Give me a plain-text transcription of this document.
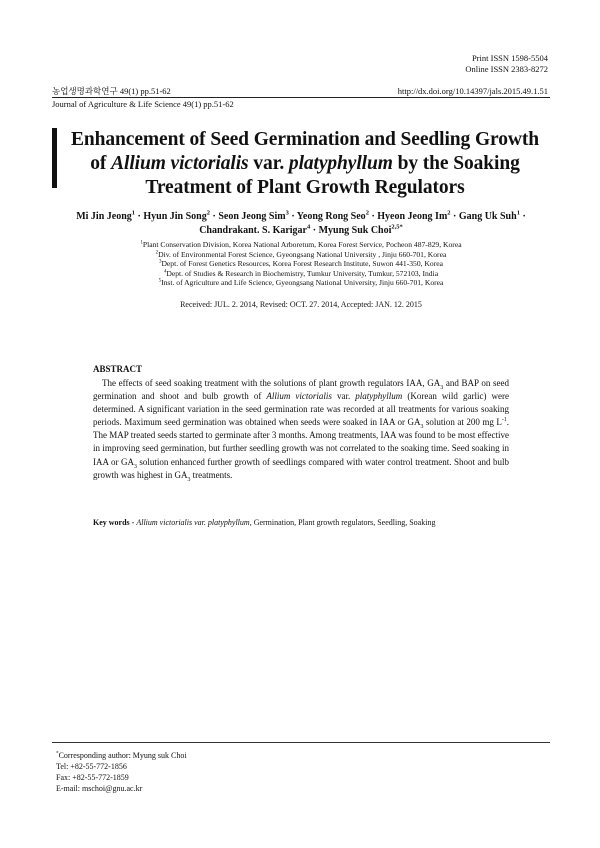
Print ISSN 1598-5504
Online ISSN 2383-8272
농업생명과학연구 49(1) pp.51-62	http://dx.doi.org/10.14397/jals.2015.49.1.51
Journal of Agriculture & Life Science 49(1) pp.51-62
Enhancement of Seed Germination and Seedling Growth
of Allium victorialis var. platyphyllum by the Soaking
Treatment of Plant Growth Regulators
Mi Jin Jeong$^1$ · Hyun Jin Song$^2$ · Seon Jeong Sim$^3$ · Yeong Rong Seo$^2$ · Hyeon Jeong $Im^2$ · Gang Uk Suh$^1$ ·
Chandrakant. S. Karigar$^4$ · Myung Suk Choi$^{2,5*}$
$^1$Plant Conservation Division, Korea National Arboretum, Korea Forest Service, Pocheon 487-829, Korea
$^2$Div. of Environmental Forest Science, Gyeongsang National University , Jinju 660-701, Korea
$^3$Dept. of Forest Genetics Resources, Korea Forest Research Institute, Suwon 441-350, Korea
$^4$Dept. of Studies & Research in Biochemistry, Tumkur University, Tumkur, 572103, India
$^5$Inst. of Agriculture and Life Science, Gyeongsang National University, Jinju 660-701, Korea
Received: JUL. 2. 2014, Revised: OCT. 27. 2014, Accepted: JAN. 12. 2015
ABSTRACT

The effects of seed soaking treatment with the solutions of plant growth regulators IAA, $GA_3$ and BAP on seed germination and shoot and bulb growth of Allium victorialis var. platyphyllum (Korean wild garlic) were determined. A significant variation in the seed germination rate was recorded at all treatments for various soaking periods. Maximum seed germination was obtained when seeds were soaked in IAA or $GA_3$ solution at 200 mg $L^{-1}$. The MAP treated seeds started to germinate after 3 months. Among treatments, IAA was found to be most effective in improving seed germination, but further seedling growth was not correlated to the soaking time. Seed soaking in IAA or $GA_3$ solution enhanced further growth of seedlings compared with water control treatment. Shoot and bulb growth was highest in $GA_3$ treatments.

Key words - Allium victorialis var. platyphyllum, Germination, Plant growth regulators, Seedling, Soaking
*Corresponding author: Myung suk Choi
Tel: +82-55-772-1856
Fax: +82-55-772-1859
E-mail: mschoi@gnu.ac.kr
